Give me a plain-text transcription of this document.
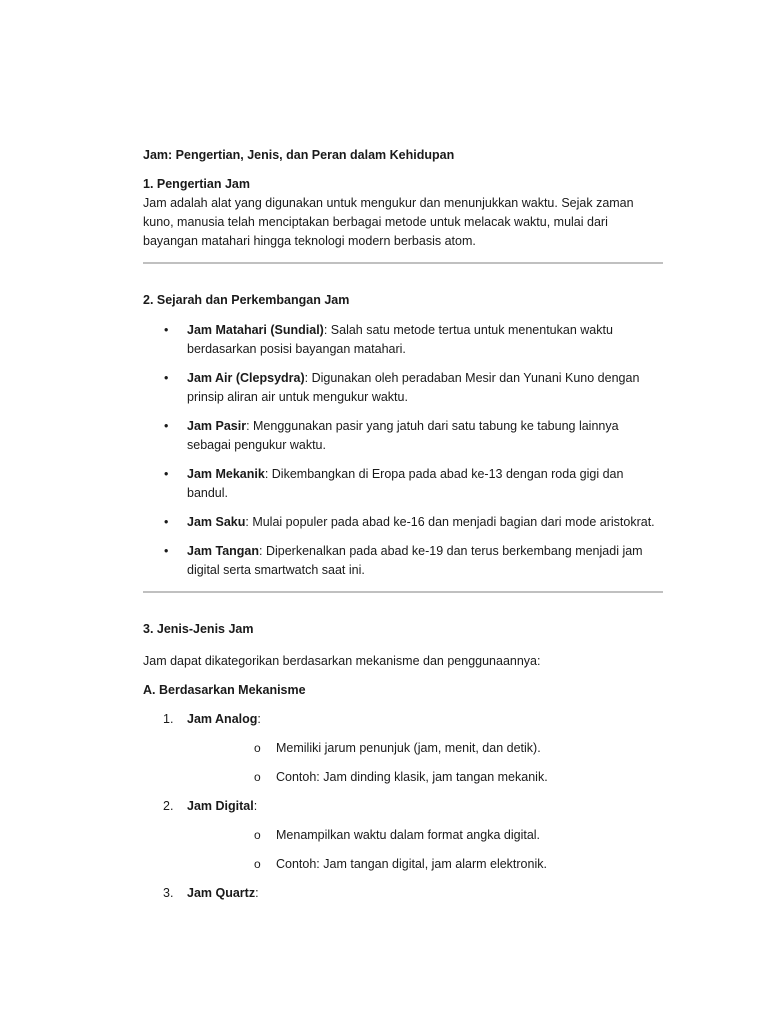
Jam: Pengertian, Jenis, dan Peran dalam Kehidupan

1. Pengertian Jam

Jam adalah alat yang digunakan untuk mengukur dan menunjukkan waktu. Sejak zaman kuno, manusia telah menciptakan berbagai metode untuk melacak waktu, mulai dari bayangan matahari hingga teknologi modern berbasis atom.

2. Sejarah dan Perkembangan Jam

• Jam Matahari (Sundial): Salah satu metode tertua untuk menentukan waktu berdasarkan posisi bayangan matahari.
• Jam Air (Clepsydra): Digunakan oleh peradaban Mesir dan Yunani Kuno dengan prinsip aliran air untuk mengukur waktu.
• Jam Pasir: Menggunakan pasir yang jatuh dari satu tabung ke tabung lainnya sebagai pengukur waktu.
• Jam Mekanik: Dikembangkan di Eropa pada abad ke-13 dengan roda gigi dan bandul.
• Jam Saku: Mulai populer pada abad ke-16 dan menjadi bagian dari mode aristokrat.
• Jam Tangan: Diperkenalkan pada abad ke-19 dan terus berkembang menjadi jam digital serta smartwatch saat ini.

3. Jenis-Jenis Jam

Jam dapat dikategorikan berdasarkan mekanisme dan penggunaannya:

A. Berdasarkan Mekanisme

1. Jam Analog:
o Memiliki jarum penunjuk (jam, menit, dan detik).
o Contoh: Jam dinding klasik, jam tangan mekanik.
2. Jam Digital:
o Menampilkan waktu dalam format angka digital.
o Contoh: Jam tangan digital, jam alarm elektronik.
3. Jam Quartz:
